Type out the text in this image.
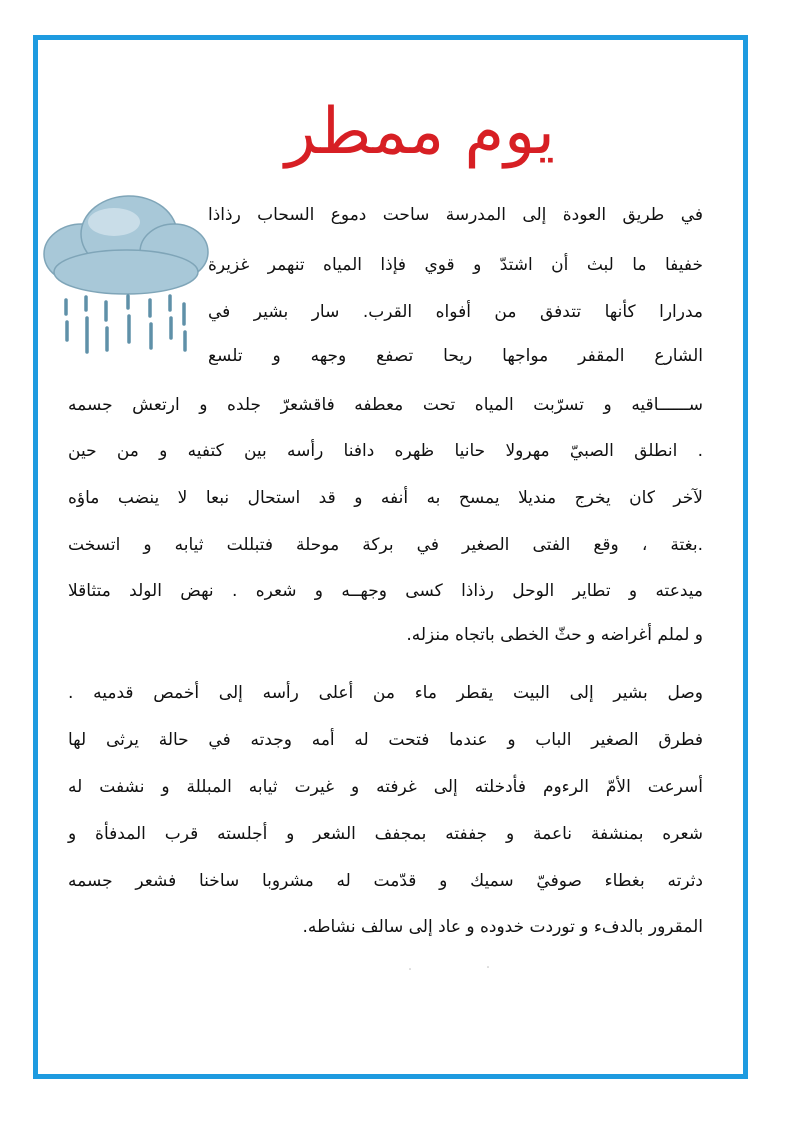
يوم ممطر

في طريق العودة إلى المدرسة ساحت دموع السحاب رذاذا

خفيفا ما لبث أن اشتدّ و قوي فإذا المياه تنهمر غزيرة

مدرارا كأنها تتدفق من أفواه القرب. سار بشير في

الشارع المقفر مواجها ريحا تصفع وجهه و تلسع

ســــــاقيه و تسرّبت المياه تحت معطفه فاقشعرّ جلده و ارتعش جسمه

. انطلق الصبيّ مهرولا حانيا ظهره دافنا رأسه بين كتفيه و من حين

لآخر كان يخرج منديلا يمسح به أنفه و قد استحال نبعا لا ينضب ماؤه

.بغتة ، وقع الفتى الصغير في بركة موحلة فتبللت ثيابه و اتسخت

ميدعته و تطاير الوحل رذاذا كسى وجهــه و شعره . نهض الولد متثاقلا

و لملم أغراضه و حثّ الخطى باتجاه منزله.

وصل بشير إلى البيت يقطر ماء من أعلى رأسه إلى أخمص قدميه .

فطرق الصغير الباب و عندما فتحت له أمه وجدته في حالة يرثى لها

أسرعت الأمّ الرءوم فأدخلته إلى غرفته و غيرت ثيابه المبللة و نشفت له

شعره بمنشفة ناعمة و جففته بمجفف الشعر و أجلسته قرب المدفأة و

دثرته بغطاء صوفيّ سميك و قدّمت له مشروبا ساخنا فشعر جسمه

المقرور بالدفء و توردت خدوده و عاد إلى سالف نشاطه.
